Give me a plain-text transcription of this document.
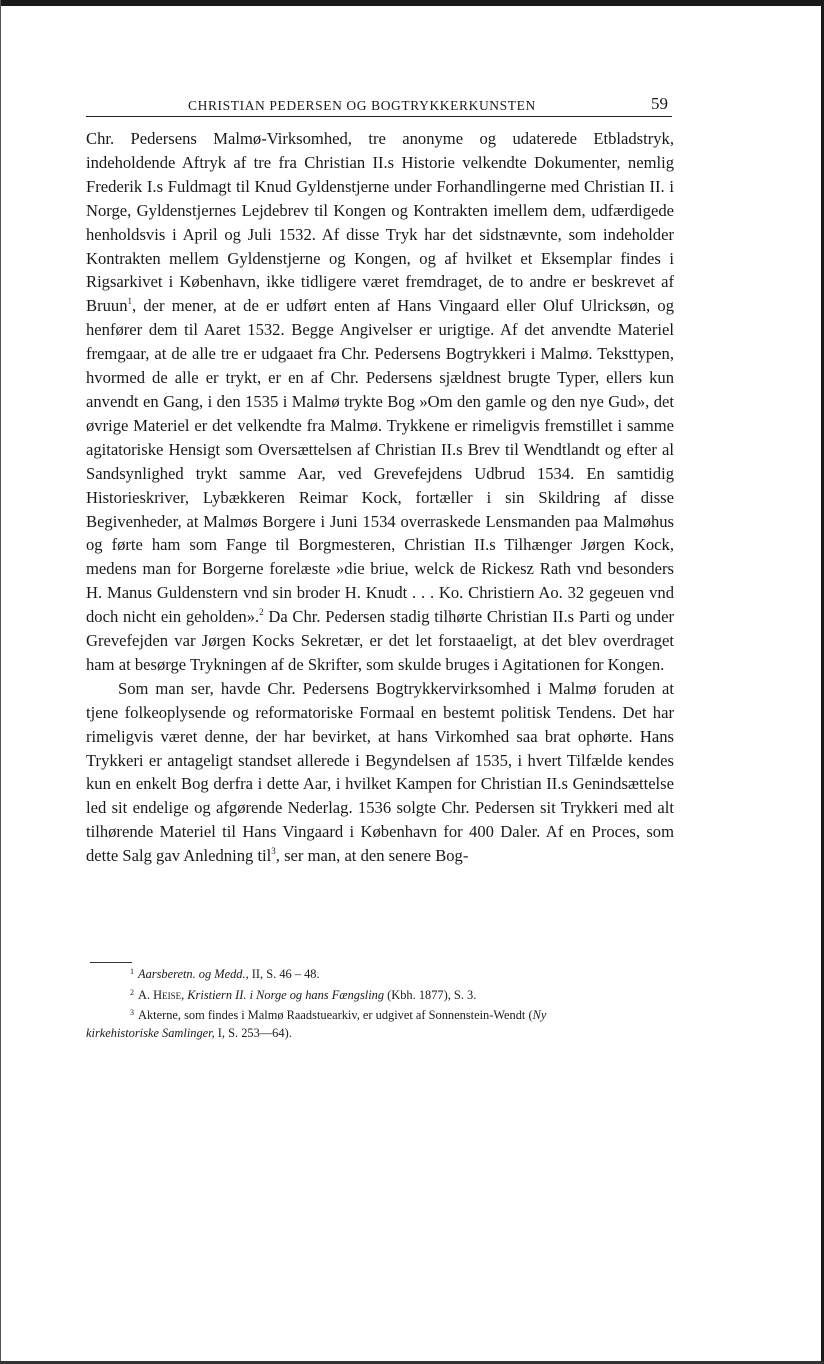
CHRISTIAN PEDERSEN OG BOGTRYKKERKUNSTEN	59

Chr. Pedersens Malmø-Virksomhed, tre anonyme og udaterede Etbladstryk, indeholdende Aftryk af tre fra Christian II.s Historie velkendte Dokumenter, nemlig Frederik I.s Fuldmagt til Knud Gyldenstjerne under Forhandlingerne med Christian II. i Norge, Gyldenstjernes Lejdebrev til Kongen og Kontrakten imellem dem, udfærdigede henholdsvis i April og Juli 1532. Af disse Tryk har det sidstnævnte, som indeholder Kontrakten mellem Gyldenstjerne og Kongen, og af hvilket et Eksemplar findes i Rigsarkivet i København, ikke tidligere været fremdraget, de to andre er beskrevet af Bruun$^1$, der mener, at de er udført enten af Hans Vingaard eller Oluf Ulricksøn, og henfører dem til Aaret 1532. Begge Angivelser er urigtige. Af det anvendte Materiel fremgaar, at de alle tre er udgaaet fra Chr. Pedersens Bogtrykkeri i Malmø. Teksttypen, hvormed de alle er trykt, er en af Chr. Pedersens sjældnest brugte Typer, ellers kun anvendt en Gang, i den 1535 i Malmø trykte Bog »Om den gamle og den nye Gud», det øvrige Materiel er det velkendte fra Malmø. Trykkene er rimeligvis fremstillet i samme agitatoriske Hensigt som Oversættelsen af Christian II.s Brev til Wendtlandt og efter al Sandsynlighed trykt samme Aar, ved Grevefejdens Udbrud 1534. En samtidig Historieskriver, Lybækkeren Reimar Kock, fortæller i sin Skildring af disse Begivenheder, at Malmøs Borgere i Juni 1534 overraskede Lensmanden paa Malmøhus og førte ham som Fange til Borgmesteren, Christian II.s Tilhænger Jørgen Kock, medens man for Borgerne forelæste »die briue, welck de Rickesz Rath vnd besonders H. Manus Guldenstern vnd sin broder H. Knudt . . . Ko. Christiern Ao. 32 gegeuen vnd doch nicht ein geholden».$^2$ Da Chr. Pedersen stadig tilhørte Christian II.s Parti og under Grevefejden var Jørgen Kocks Sekretær, er det let forstaaeligt, at det blev overdraget ham at besørge Trykningen af de Skrifter, som skulde bruges i Agitationen for Kongen.

Som man ser, havde Chr. Pedersens Bogtrykkervirksomhed i Malmø foruden at tjene folkeoplysende og reformatoriske Formaal en bestemt politisk Tendens. Det har rimeligvis været denne, der har bevirket, at hans Virkomhed saa brat ophørte. Hans Trykkeri er antageligt standset allerede i Begyndelsen af 1535, i hvert Tilfælde kendes kun en enkelt Bog derfra i dette Aar, i hvilket Kampen for Christian II.s Genindsættelse led sit endelige og afgørende Nederlag. 1536 solgte Chr. Pedersen sit Trykkeri med alt tilhørende Materiel til Hans Vingaard i København for 400 Daler. Af en Proces, som dette Salg gav Anledning til$^3$, ser man, at den senere Bog-

$^1$ Aarsberetn. og Medd., II, S. 46 – 48.

$^2$ A. Heise, Kristiern II. i Norge og hans Fængsling (Kbh. 1877), S. 3.

$^3$ Akterne, som findes i Malmø Raadstuearkiv, er udgivet af Sonnenstein-Wendt (Ny
kirkehistoriske Samlinger, I, S. 253—64).
